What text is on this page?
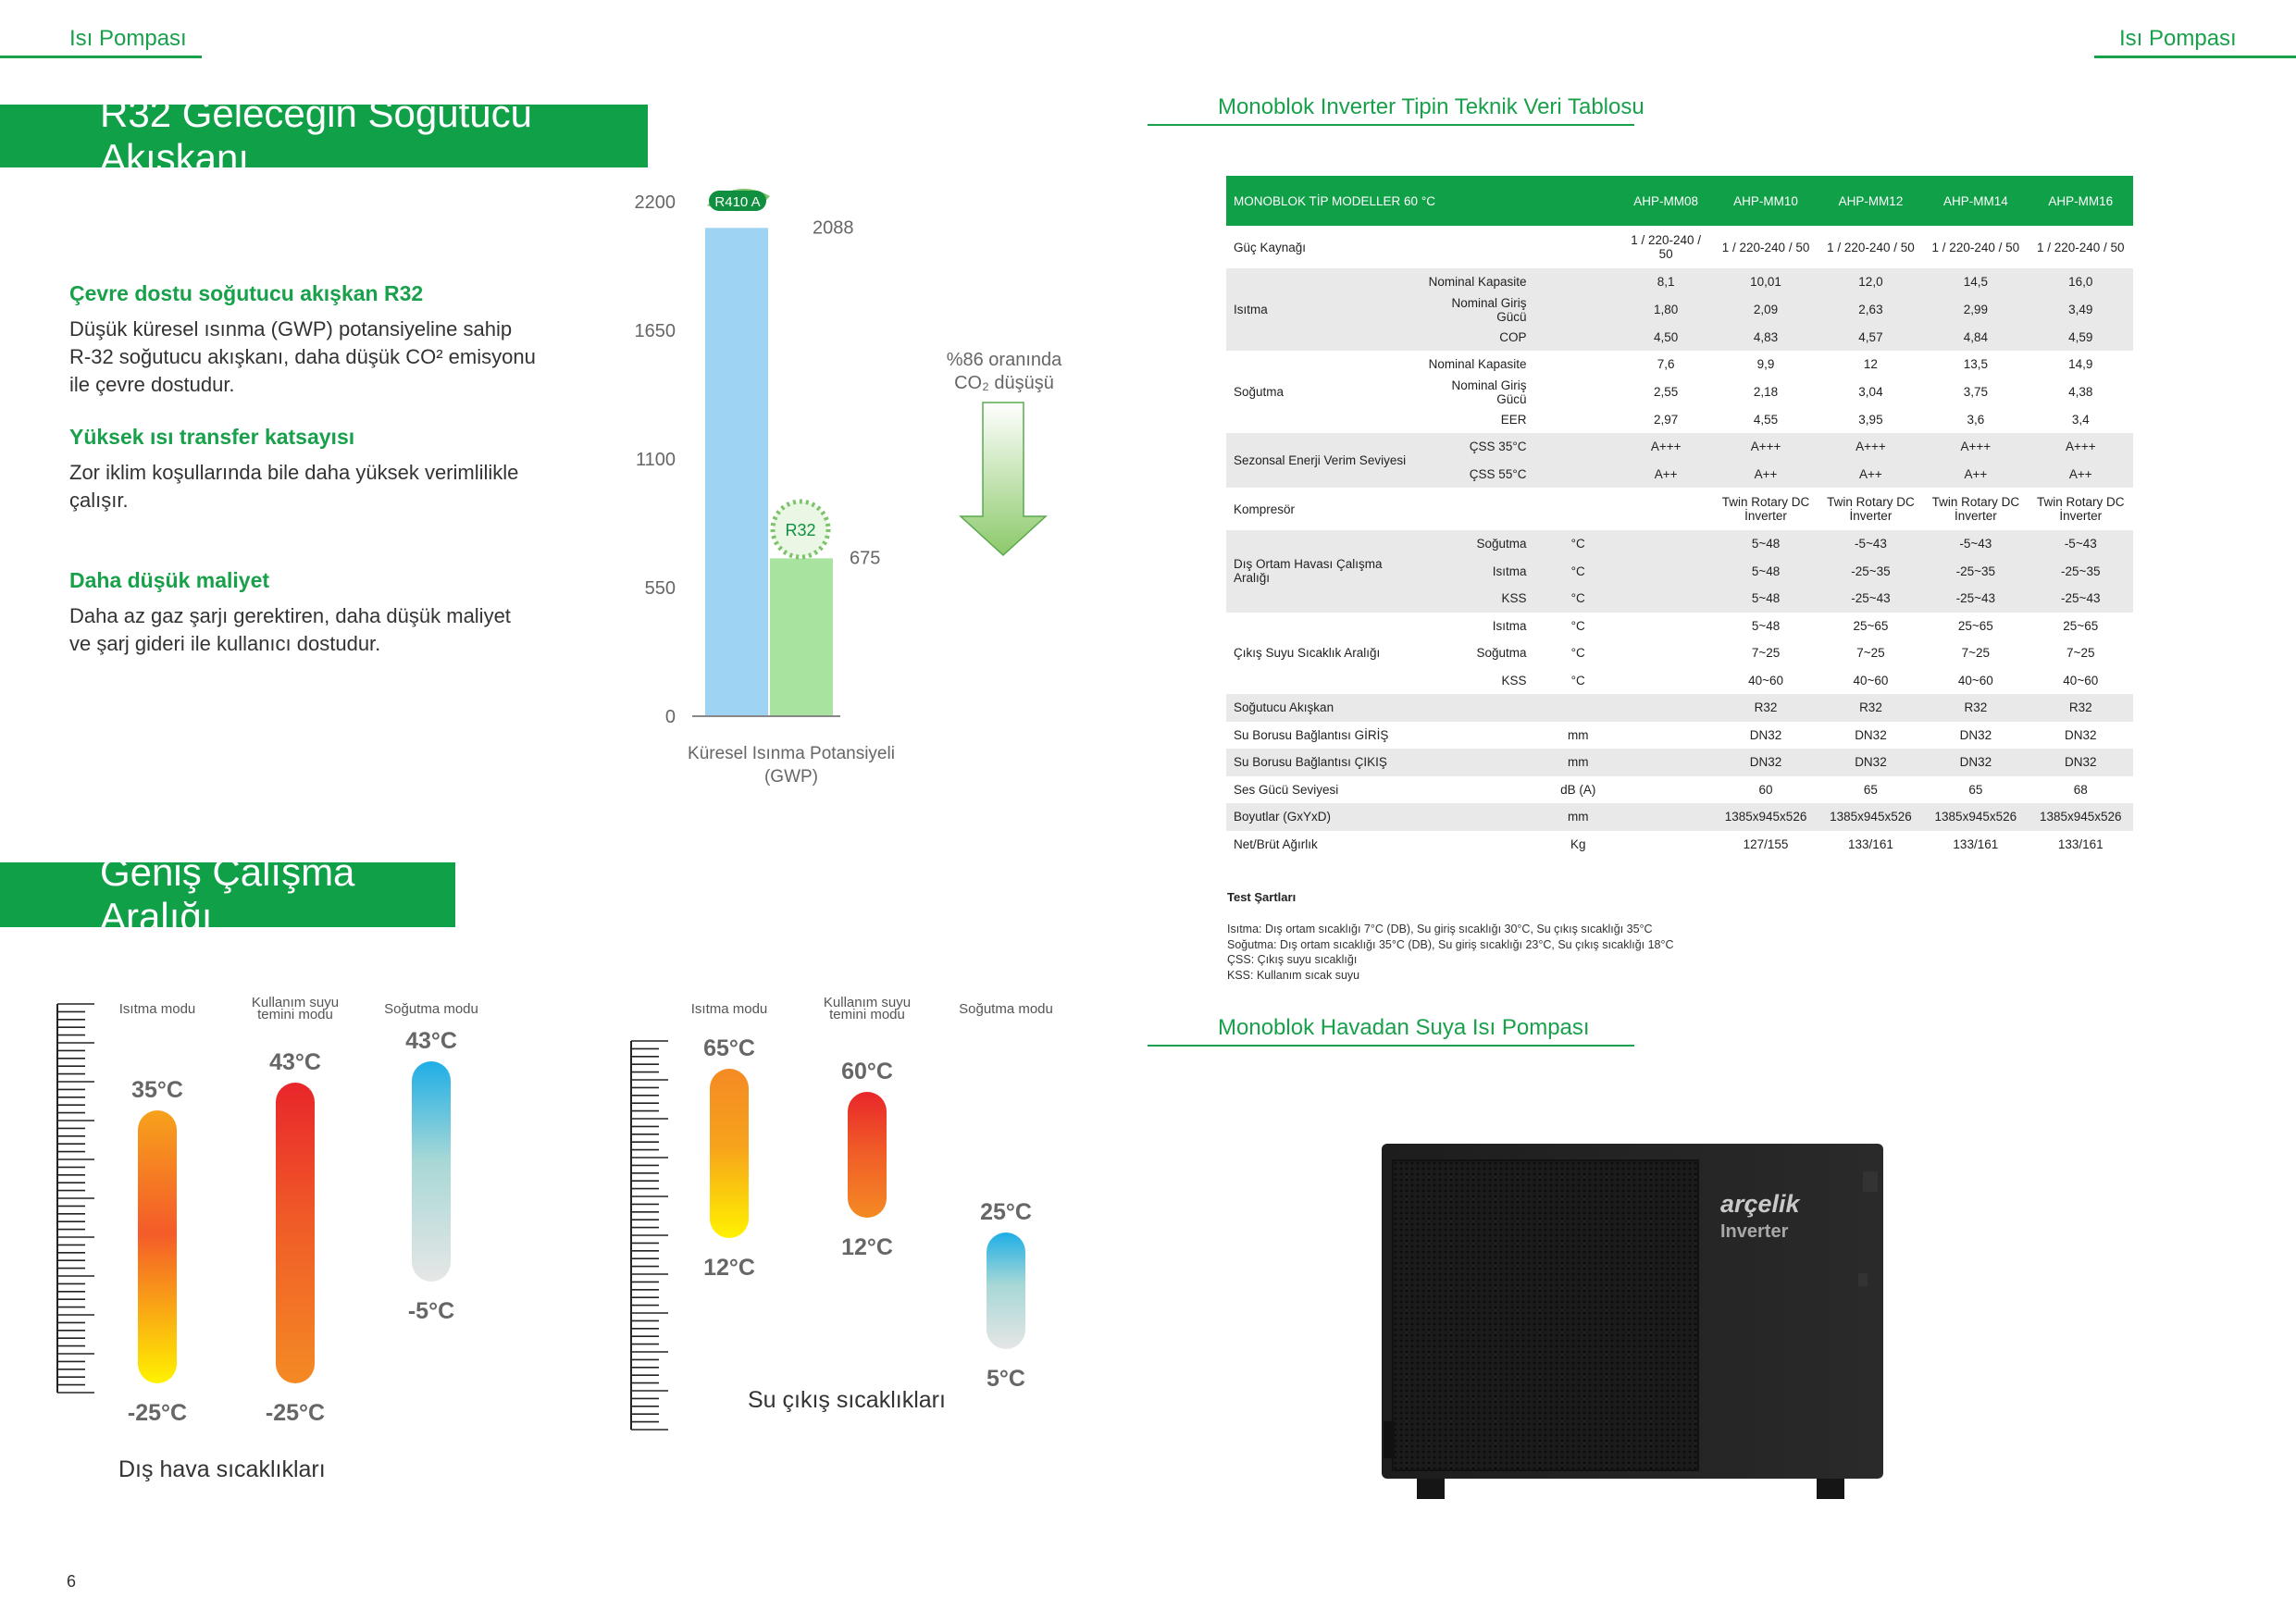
Isı Pompası	Isı Pompası
R32 Geleceğin Soğutucu Akışkanı
Çevre dostu soğutucu akışkan R32
Düşük küresel ısınma (GWP) potansiyeline sahip
R-32 soğutucu akışkanı, daha düşük CO² emisyonu
ile çevre dostudur.
Yüksek ısı transfer katsayısı
Zor iklim koşullarında bile daha yüksek verimlilikle
çalışır.
Daha düşük maliyet
Daha az gaz şarjı gerektiren, daha düşük maliyet
ve şarj gideri ile kullanıcı dostudur.
0
550
1100
1650
2200
2088
675
R410 A
R32
Küresel Isınma Potansiyeli
(GWP)
%86 oranında
CO₂ düşüşü
Geniş Çalışma Aralığı
Isıtma modu
35°C
-25°C
Kullanım suyu
temini modu
43°C
-25°C
Soğutma modu
43°C
-5°C
Isıtma modu
65°C
12°C
Kullanım suyu
temini modu
60°C
12°C
Soğutma modu
25°C
5°C
Dış hava sıcaklıkları
Su çıkış sıcaklıkları
Monoblok Inverter Tipin Teknik Veri Tablosu
MONOBLOK TİP MODELLER 60 °C			AHP-MM08	AHP-MM10	AHP-MM12	AHP-MM14	AHP-MM16
Güç Kaynağı			1 / 220-240 / 50	1 / 220-240 / 50	1 / 220-240 / 50	1 / 220-240 / 50	1 / 220-240 / 50
Isıtma	Nominal Kapasite		8,1	10,01	12,0	14,5	16,0
	Nominal Giriş Gücü		1,80	2,09	2,63	2,99	3,49
	COP		4,50	4,83	4,57	4,84	4,59
Soğutma	Nominal Kapasite		7,6	9,9	12	13,5	14,9
	Nominal Giriş Gücü		2,55	2,18	3,04	3,75	4,38
	EER		2,97	4,55	3,95	3,6	3,4
Sezonsal Enerji Verim Seviyesi	ÇSS 35°C		A+++	A+++	A+++	A+++	A+++
	ÇSS 55°C		A++	A++	A++	A++	A++
Kompresör				Twin Rotary DC İnverter	Twin Rotary DC İnverter	Twin Rotary DC İnverter	Twin Rotary DC İnverter
Dış Ortam Havası Çalışma Aralığı	Soğutma	°C		5~48	-5~43	-5~43	-5~43
	Isıtma	°C		5~48	-25~35	-25~35	-25~35
	KSS	°C		5~48	-25~43	-25~43	-25~43
Çıkış Suyu Sıcaklık Aralığı	Isıtma	°C		5~48	25~65	25~65	25~65
	Soğutma	°C		7~25	7~25	7~25	7~25
	KSS	°C		40~60	40~60	40~60	40~60
Soğutucu Akışkan				R32	R32	R32	R32
Su Borusu Bağlantısı GİRİŞ		mm		DN32	DN32	DN32	DN32
Su Borusu Bağlantısı ÇIKIŞ		mm		DN32	DN32	DN32	DN32
Ses Gücü Seviyesi		dB (A)		60	65	65	68
Boyutlar (GxYxD)		mm		1385x945x526	1385x945x526	1385x945x526	1385x945x526
Net/Brüt Ağırlık		Kg		127/155	133/161	133/161	133/161
Test Şartları
Isıtma: Dış ortam sıcaklığı 7°C (DB), Su giriş sıcaklığı 30°C, Su çıkış sıcaklığı 35°C
Soğutma: Dış ortam sıcaklığı 35°C (DB), Su giriş sıcaklığı 23°C, Su çıkış sıcaklığı 18°C
ÇSS: Çıkış suyu sıcaklığı
KSS: Kullanım sıcak suyu
Monoblok Havadan Suya Isı Pompası
arçelik
Inverter
6
